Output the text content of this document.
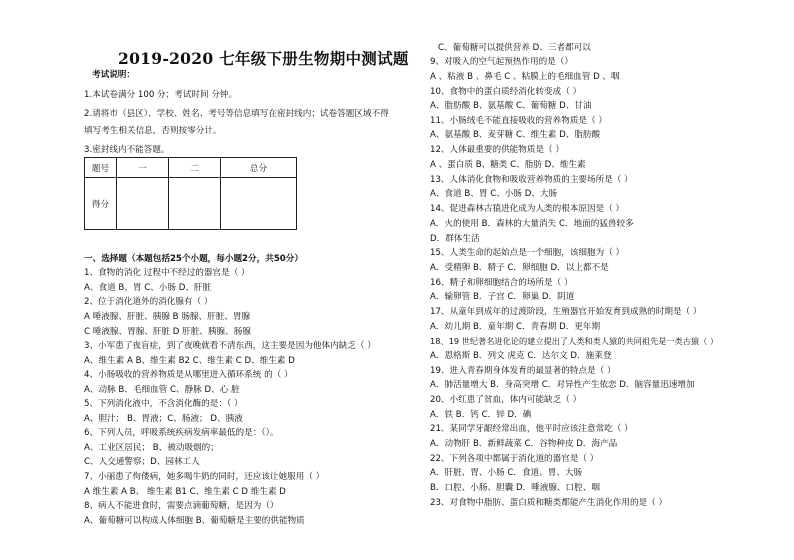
2019-2020 七年级下册生物期中测试题
考试说明：
1.本试卷满分 100 分；考试时间 分钟。
2.请将市（县区）、学校、姓名、考号等信息填写在密封线内；试卷答题区域不得
填写考生相关信息，否则按零分计。
3.密封线内不能答题。
题号	一	二	总分
得分			
一、选择题（本题包括25个小题，每小题2分，共50分）
1、食物的消化 过程中不经过的器官是（ ）
A、食道 B、胃 C、小肠 D、肝脏
2、位于消化道外的消化腺有（ ）
A 唾液腺、肝脏、胰腺 B 肠腺、肝脏、胃腺
C 唾液腺、胃腺、肝脏 D 肝脏、胰腺、肠腺
3、小军患了夜盲症，到了夜晚就看不清东西，这主要是因为他体内缺乏（ ）
A、维生素 A B、维生素 B2 C、维生素 C D、维生素 D
4、小肠吸收的营养物质是从哪里进入循环系统 的（ ）
A、动脉 B、毛细血管 C、静脉 D、心 脏
5、下列消化液中，不含消化酶的是：（ ）
A、胆汁； B、胃液；C、肠液； D、胰液
6、下列人员，呼吸系统疾病发病率最低的是：（）。
A、工业区居民； B、被动吸烟的；
C、人交通警察；D、园林工人
7、小丽患了佝偻病，她多喝牛奶的同时，还应该让她服用（ ）
A 维生素 A B、 维生素 B1 C、维生素 C D 维生素 D
8、病人不能进食时，需要点滴葡萄糖，是因为（）
A、葡萄糖可以构成人体细胞 B、葡萄糖是主要的供能物质
C、葡萄糖可以提供营养 D、三者都可以
9、对吸入的空气起预热作用的是（）
A 、粘液 B 、鼻毛 C 、粘膜上的毛细血管 D 、咽
10、食物中的蛋白质经消化转变成（ ）
A、脂肪酸 B、氨基酸 C、葡萄糖 D、甘油
11、小肠绒毛不能直接吸收的营养物质是（ ）
A、氨基酸 B、麦芽糖 C、维生素 D、脂肪酸
12、人体最重要的供能物质是（ ）
A 、蛋白质 B、糖类 C、脂肪 D、维生素
13、人体消化食物和吸收营养物质的主要场所是（ ）
A、食道 B、胃 C、小肠 D、大肠
14、促进森林古猿进化成为人类的根本原因是（ ）
A．火的使用 B．森林的大量消失 C．地面的猛兽较多
D．群体生活
15、人类生命的起始点是一个细胞，该细胞为（ ）
A．受精卵 B．精子 C．卵细胞 D．以上都不是
16、精子和卵细胞结合的场所是（ ）
A．输卵管 B．子宫 C．卵巢 D．阴道
17、从童年到成年的过渡阶段，生殖器官开始发育到成熟的时期是（ ）
A．幼儿期 B．童年期 C．青春期 D．更年期
18、19 世纪著名进化论的建立提出了人类和类人猿的共同祖先是一类古猿（ ）
A．恩格斯 B．列文 虎克 C．达尔文 D．施莱登
19、进入青春期身体发育的最显著的特点是（ ）
A．肺活量增大 B．身高突增 C．对异性产生依恋 D．脑容量迅速增加
20、小红患了贫血，体内可能缺乏（ ）
A．铁 B．钙 C．锌 D．碘
21、某同学牙龈经常出血，他平时应该注意常吃（ ）
A．动物肝 B．新鲜蔬菜 C．谷物种皮 D．海产品
22、下列各项中都属于消化道的器官是（ ）
A．肝脏、胃、小肠 C．食道、胃、大肠
B．口腔、小肠、胆囊 D．唾液腺、口腔、咽
23、对食物中脂肪、蛋白质和糖类都能产生消化作用的是（ ）
